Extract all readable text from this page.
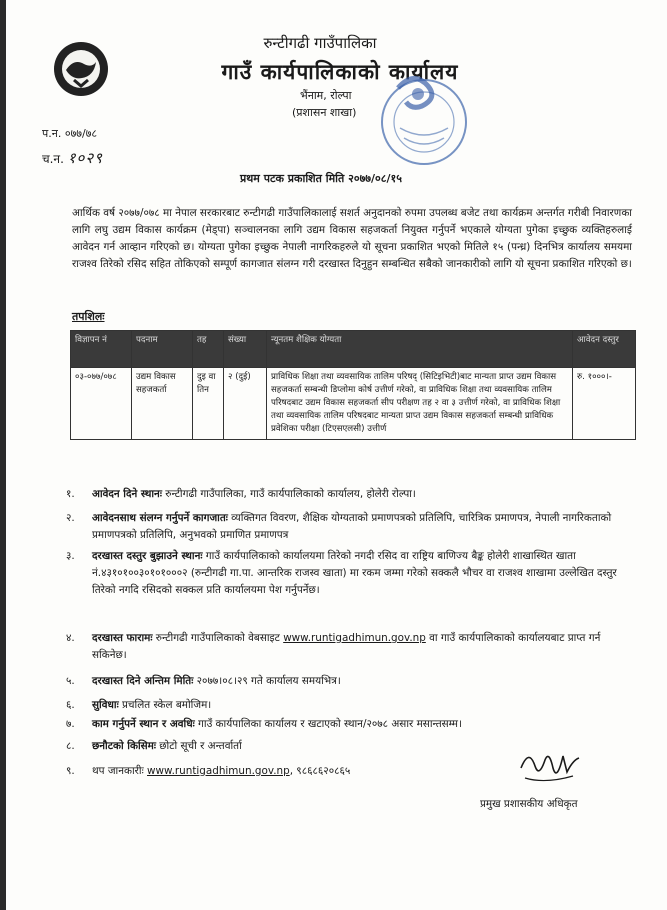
रुन्टीगढी गाउँपालिका
गाउँ कार्यपालिकाको कार्यालय
भैंनाम, रोल्पा
(प्रशासन शाखा)
प.न. ०७७/७८
च.न. १०२९
प्रथम पटक प्रकाशित मिति २०७७/०८/१५
आर्थिक वर्ष २०७७/०७८ मा नेपाल सरकारबाट रुन्टीगढी गाउँपालिकालाई सशर्त अनुदानको रुपमा उपलब्ध बजेट तथा कार्यक्रम अन्तर्गत गरीबी निवारणका लागि लघु उद्यम विकास कार्यक्रम (मेड्पा) सञ्चालनका लागि उद्यम विकास सहजकर्ता नियुक्त गर्नुपर्ने भएकाले योग्यता पुगेका इच्छुक व्यक्तिहरुलाई आवेदन गर्न आव्हान गरिएको छ। योग्यता पुगेका इच्छुक नेपाली नागरिकहरुले यो सूचना प्रकाशित भएको मितिले १५ (पन्ध्र) दिनभित्र कार्यालय समयमा राजश्व तिरेको रसिद सहित तोकिएको सम्पूर्ण कागजात संलग्न गरी दरखास्त दिनुहुन सम्बन्धित सबैको जानकारीको लागि यो सूचना प्रकाशित गरिएको छ।
तपशिलः
विज्ञापन नं	पदनाम	तह	संख्या	न्यूनतम शैक्षिक योग्यता	आवेदन दस्तुर
०३-०७७/०७८	उद्यम विकास सहजकर्ता	दुइ वा तिन	२ (दुई)	प्राविधिक शिक्षा तथा व्यवसायिक तालिम परिषद् (सिटिइभिटी)बाट मान्यता प्राप्त उद्यम विकास सहजकर्ता सम्बन्धी डिप्लोमा कोर्ष उत्तीर्ण गरेको, वा प्राविधिक शिक्षा तथा व्यवसायिक तालिम परिषदबाट उद्यम विकास सहजकर्ता सीप परीक्षण तह २ वा ३ उत्तीर्ण गरेको, वा प्राविधिक शिक्षा तथा व्यवसायिक तालिम परिषदबाट मान्यता प्राप्त उद्यम विकास सहजकर्ता सम्बन्धी प्राविधिक प्रवेशिका परीक्षा (टिएसएलसी) उत्तीर्ण	रु. १०००।-
१. आवेदन दिने स्थानः रुन्टीगढी गाउँपालिका, गाउँ कार्यपालिकाको कार्यालय, होलेरी रोल्पा।
२. आवेदनसाथ संलग्न गर्नुपर्ने कागजातः व्यक्तिगत विवरण, शैक्षिक योग्यताको प्रमाणपत्रको प्रतिलिपि, चारित्रिक प्रमाणपत्र, नेपाली नागरिकताको प्रमाणपत्रको प्रतिलिपि, अनुभवको प्रमाणित प्रमाणपत्र
३. दरखास्त दस्तुर बुझाउने स्थानः गाउँ कार्यपालिकाको कार्यालयमा तिरेको नगदी रसिद वा राष्ट्रिय बाणिज्य बैङ्क होलेरी शाखास्थित खाता नं.४३१०१००३०१०१०००२ (रुन्टीगढी गा.पा. आन्तरिक राजस्व खाता) मा रकम जम्मा गरेको सक्कलै भौचर वा राजश्व शाखामा उल्लेखित दस्तुर तिरेको नगदि रसिदको सक्कल प्रति कार्यालयमा पेश गर्नुपर्नेछ।
४. दरखास्त फारामः रुन्टीगढी गाउँपालिकाको वेबसाइट www.runtigadhimun.gov.np वा गाउँ कार्यपालिकाको कार्यालयबाट प्राप्त गर्न सकिनेछ।
५. दरखास्त दिने अन्तिम मितिः २०७७।०८।२९ गते कार्यालय समयभित्र।
६. सुविधाः प्रचलित स्केल बमोजिम।
७. काम गर्नुपर्ने स्थान र अवधिः गाउँ कार्यपालिका कार्यालय र खटाएको स्थान/२०७८ असार मसान्तसम्म।
८. छनौटको किसिमः छोटो सूची र अन्तर्वार्ता
९. थप जानकारीः www.runtigadhimun.gov.np, ९८६८६२०८६५
प्रमुख प्रशासकीय अधिकृत
